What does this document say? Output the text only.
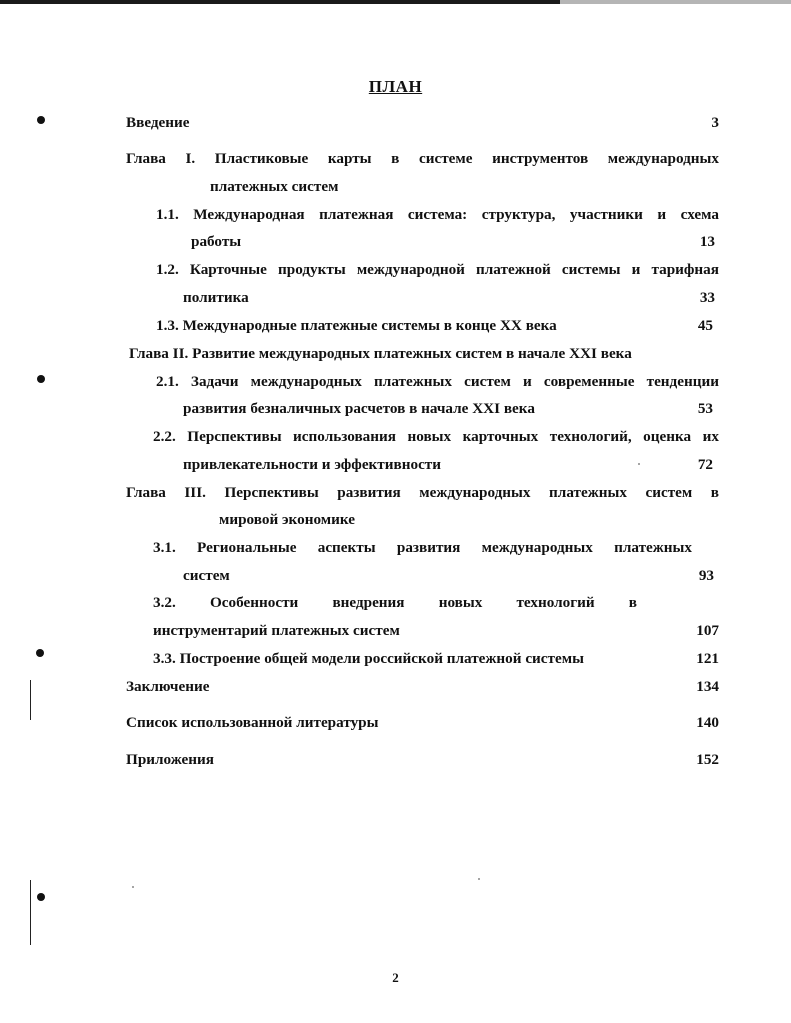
ПЛАН
Введение	3
Глава I. Пластиковые карты в системе инструментов международных
платежных систем
1.1. Международная платежная система: структура, участники и схема
работы	13
1.2. Карточные продукты международной платежной системы и тарифная
политика	33
1.3. Международные платежные системы в конце XX века	45
Глава II. Развитие международных платежных систем в начале XXI века
2.1. Задачи международных платежных систем и современные тенденции
развития безналичных расчетов в начале XXI века	53
2.2. Перспективы использования новых карточных технологий, оценка их
привлекательности и эффективности	72
Глава III. Перспективы развития международных платежных систем в
мировой экономике
3.1. Региональные аспекты развития международных платежных
систем	93
3.2. Особенности внедрения новых технологий в
инструментарий платежных систем	107
3.3. Построение общей модели российской платежной системы	121
Заключение	134
Список использованной литературы	140
Приложения	152
2
